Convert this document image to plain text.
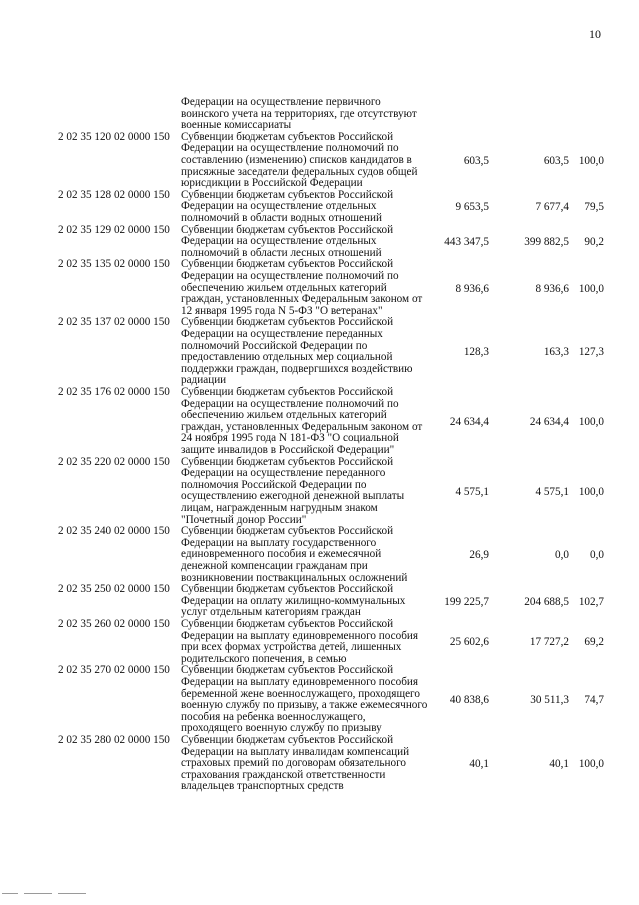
10
Федерации на осуществление первичного
воинского учета на территориях, где отсутствуют
военные комиссариаты
2 02 35 120 02 0000 150 Субвенции бюджетам субъектов Российской
Федерации на осуществление полномочий по
составлению (изменению) списков кандидатов в
присяжные заседатели федеральных судов общей
юрисдикции в Российской Федерации
603,5	603,5 100,0
2 02 35 128 02 0000 150 Субвенции бюджетам субъектов Российской
Федерации на осуществление отдельных
полномочий в области водных отношений
9 653,5	7 677,4 79,5
2 02 35 129 02 0000 150 Субвенции бюджетам субъектов Российской
Федерации на осуществление отдельных
полномочий в области лесных отношений
443 347,5	399 882,5 90,2
2 02 35 135 02 0000 150 Субвенции бюджетам субъектов Российской
Федерации на осуществление полномочий по
обеспечению жильем отдельных категорий
граждан, установленных Федеральным законом от
12 января 1995 года N 5-ФЗ "О ветеранах"
8 936,6	8 936,6 100,0
2 02 35 137 02 0000 150 Субвенции бюджетам субъектов Российской
Федерации на осуществление переданных
полномочий Российской Федерации по
предоставлению отдельных мер социальной
поддержки граждан, подвергшихся воздействию
радиации
128,3	163,3 127,3
2 02 35 176 02 0000 150 Субвенции бюджетам субъектов Российской
Федерации на осуществление полномочий по
обеспечению жильем отдельных категорий
граждан, установленных Федеральным законом от
24 ноября 1995 года N 181-ФЗ "О социальной
защите инвалидов в Российской Федерации"
24 634,4	24 634,4 100,0
2 02 35 220 02 0000 150 Субвенции бюджетам субъектов Российской
Федерации на осуществление переданного
полномочия Российской Федерации по
осуществлению ежегодной денежной выплаты
лицам, награжденным нагрудным знаком
"Почетный донор России"
4 575,1	4 575,1 100,0
2 02 35 240 02 0000 150 Субвенции бюджетам субъектов Российской
Федерации на выплату государственного
единовременного пособия и ежемесячной
денежной компенсации гражданам при
возникновении поствакцинальных осложнений
26,9	0,0 0,0
2 02 35 250 02 0000 150 Субвенции бюджетам субъектов Российской
Федерации на оплату жилищно-коммунальных
услуг отдельным категориям граждан
199 225,7	204 688,5 102,7
2 02 35 260 02 0000 150 Субвенции бюджетам субъектов Российской
Федерации на выплату единовременного пособия
при всех формах устройства детей, лишенных
родительского попечения, в семью
25 602,6	17 727,2 69,2
2 02 35 270 02 0000 150 Субвенции бюджетам субъектов Российской
Федерации на выплату единовременного пособия
беременной жене военнослужащего, проходящего
военную службу по призыву, а также ежемесячного
пособия на ребенка военнослужащего,
проходящего военную службу по призыву
40 838,6	30 511,3 74,7
2 02 35 280 02 0000 150 Субвенции бюджетам субъектов Российской
Федерации на выплату инвалидам компенсаций
страховых премий по договорам обязательного
страхования гражданской ответственности
владельцев транспортных средств
40,1	40,1 100,0
